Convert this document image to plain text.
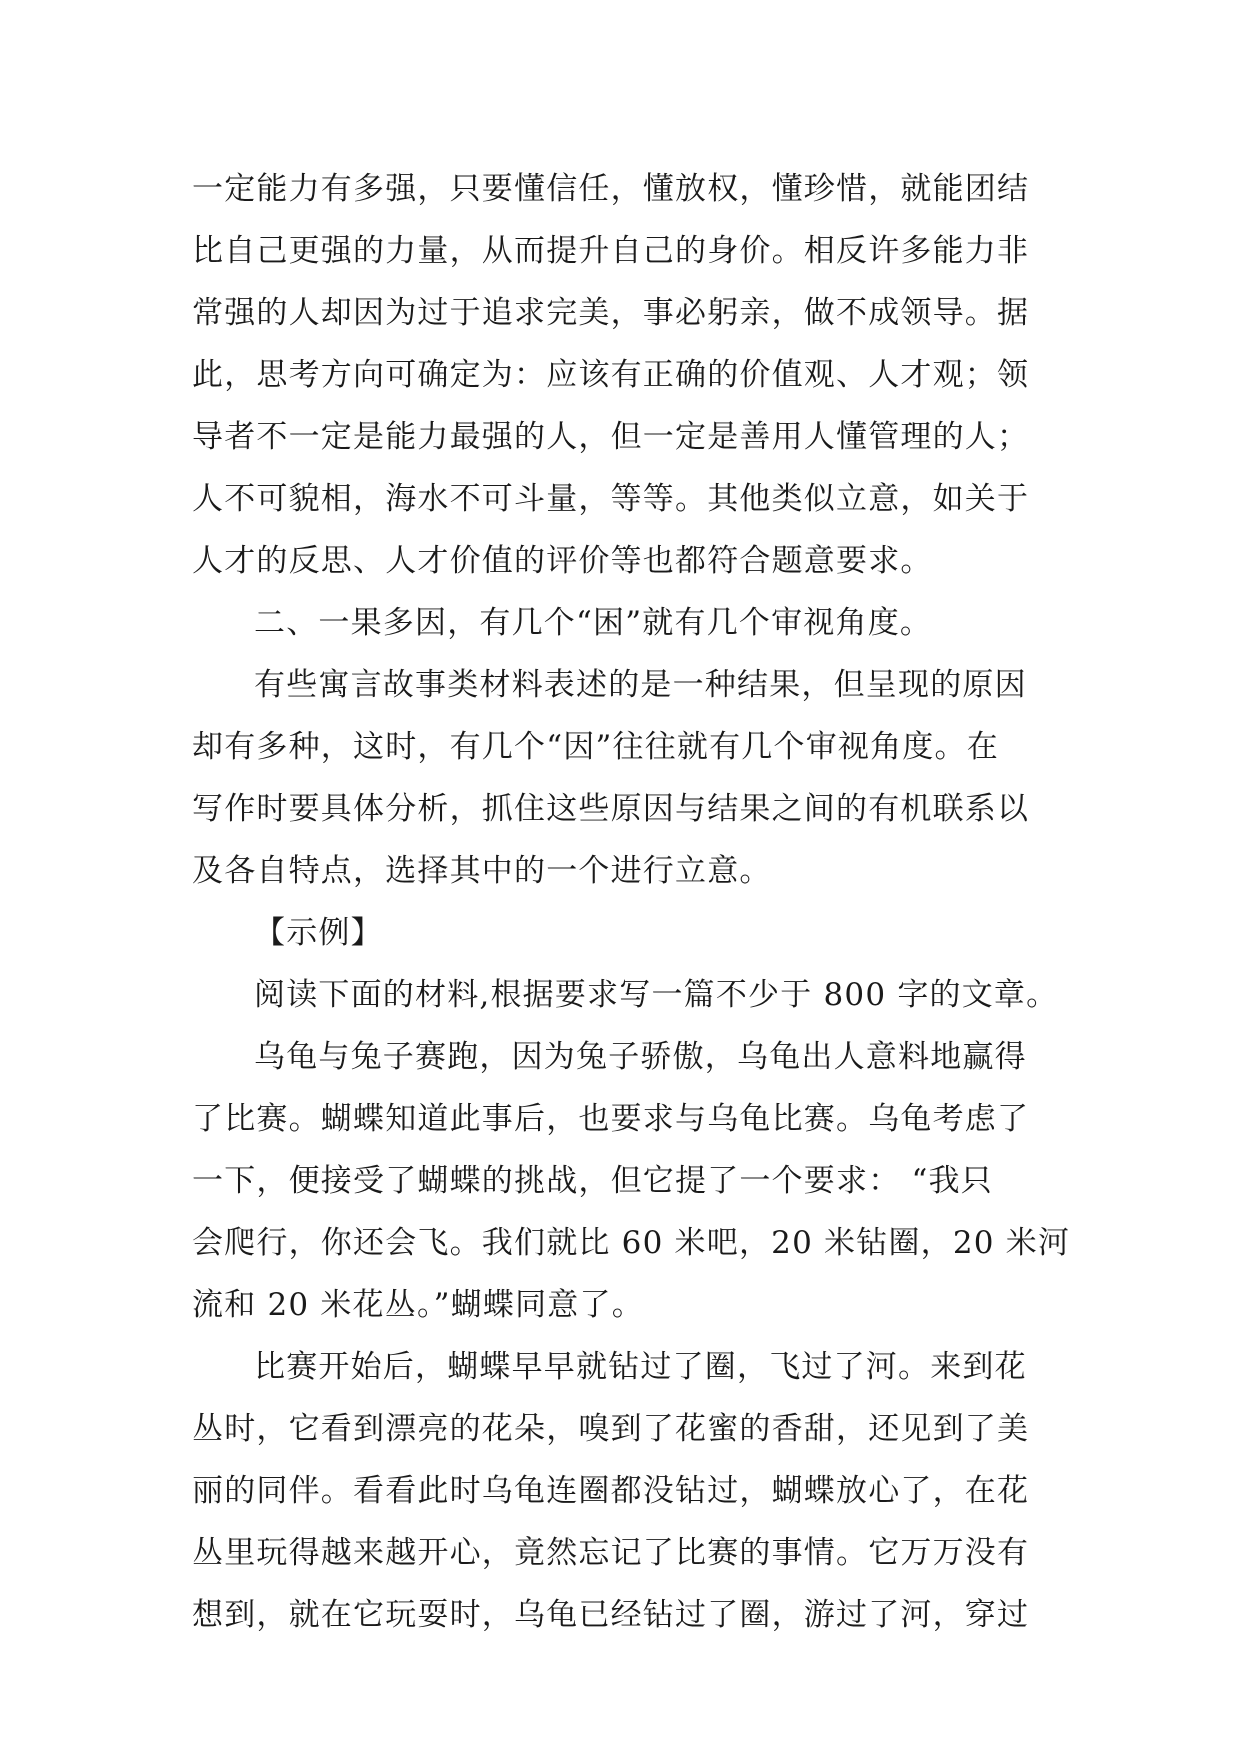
一定能力有多强，只要懂信任，懂放权，懂珍惜，就能团结
比自己更强的力量，从而提升自己的身价。相反许多能力非
常强的人却因为过于追求完美，事必躬亲，做不成领导。据
此，思考方向可确定为：应该有正确的价值观、人才观；领
导者不一定是能力最强的人，但一定是善用人懂管理的人；
人不可貌相，海水不可斗量，等等。其他类似立意，如关于
人才的反思、人才价值的评价等也都符合题意要求。
二、一果多因，有几个“困”就有几个审视角度。
有些寓言故事类材料表述的是一种结果，但呈现的原因
却有多种，这时，有几个“因”往往就有几个审视角度。在
写作时要具体分析，抓住这些原因与结果之间的有机联系以
及各自特点，选择其中的一个进行立意。
【示例】
阅读下面的材料,根据要求写一篇不少于 800 字的文章。
乌龟与兔子赛跑，因为兔子骄傲，乌龟出人意料地赢得
了比赛。蝴蝶知道此事后，也要求与乌龟比赛。乌龟考虑了
一下，便接受了蝴蝶的挑战，但它提了一个要求： “我只
会爬行，你还会飞。我们就比 60 米吧，20 米钻圈，20 米河
流和 20 米花丛。”蝴蝶同意了。
比赛开始后，蝴蝶早早就钻过了圈，飞过了河。来到花
丛时，它看到漂亮的花朵，嗅到了花蜜的香甜，还见到了美
丽的同伴。看看此时乌龟连圈都没钻过，蝴蝶放心了，在花
丛里玩得越来越开心，竟然忘记了比赛的事情。它万万没有
想到，就在它玩耍时，乌龟已经钻过了圈，游过了河，穿过
